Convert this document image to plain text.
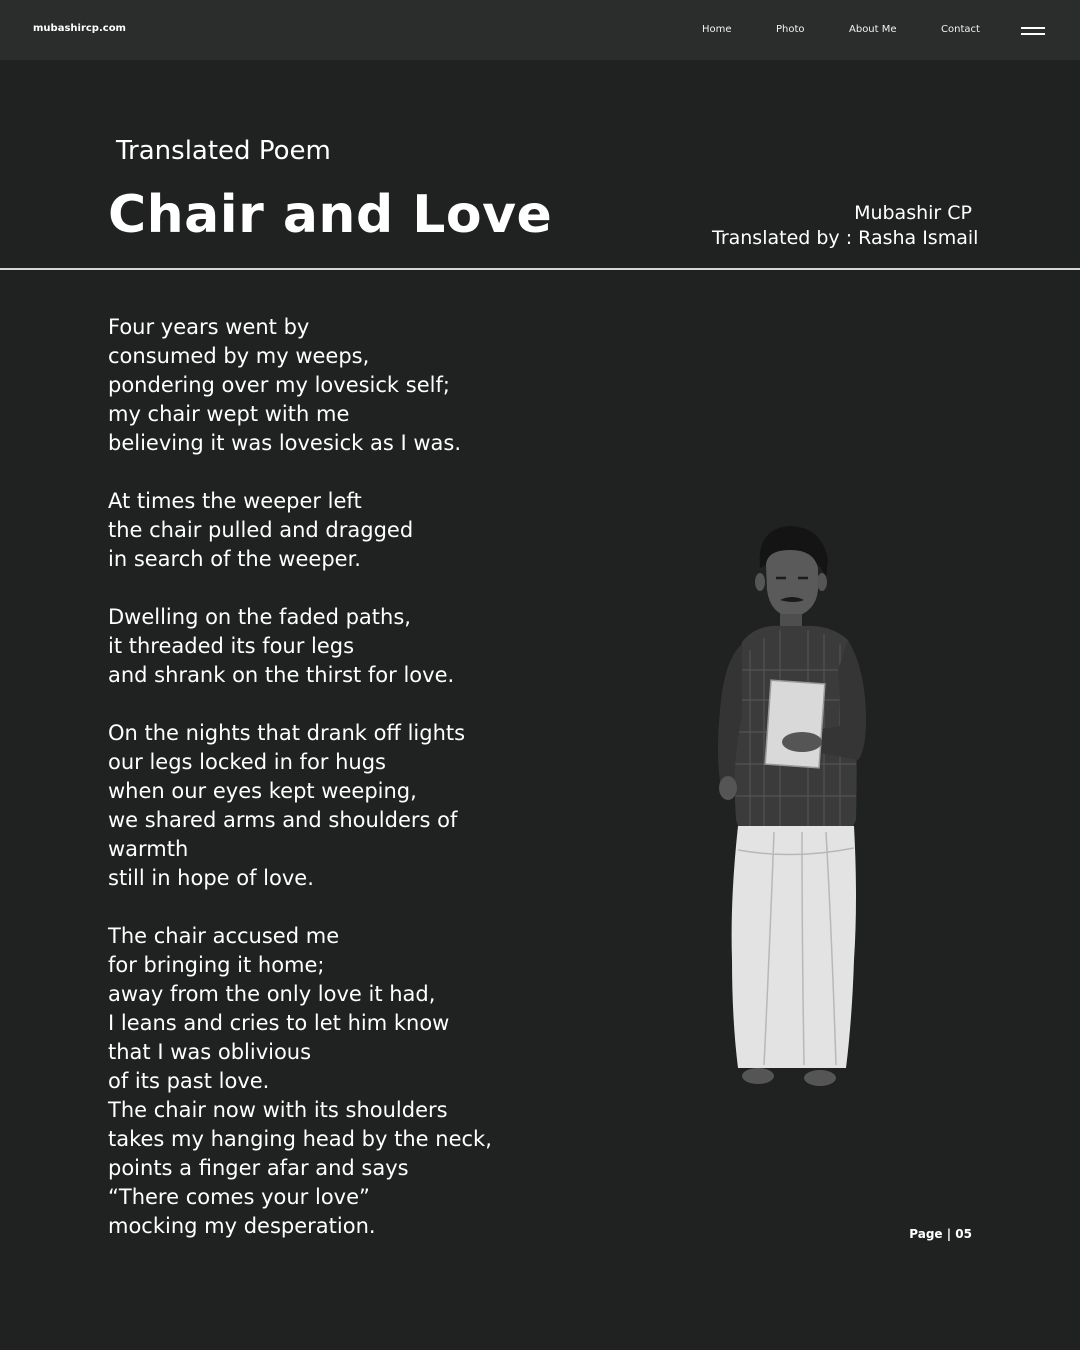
mubashircp.com	Home	Photo	About Me	Contact
Translated Poem
Chair and Love	Mubashir CP
Translated by : Rasha Ismail
Four years went by
consumed by my weeps,
pondering over my lovesick self;
my chair wept with me
believing it was lovesick as I was.
At times the weeper left
the chair pulled and dragged
in search of the weeper.
Dwelling on the faded paths,
it threaded its four legs
and shrank on the thirst for love.
On the nights that drank off lights
our legs locked in for hugs
when our eyes kept weeping,
we shared arms and shoulders of
warmth
still in hope of love.
The chair accused me
for bringing it home;
away from the only love it had,
I leans and cries to let him know
that I was oblivious
of its past love.
The chair now with its shoulders
takes my hanging head by the neck,
points a finger afar and says
“There comes your love”
mocking my desperation.	Page | 05
